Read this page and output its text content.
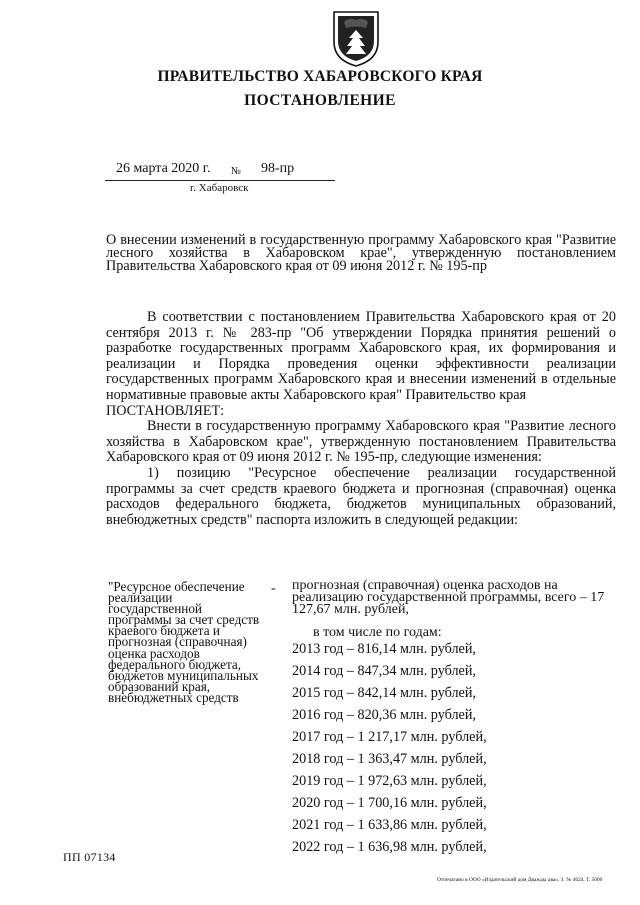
ПРАВИТЕЛЬСТВО ХАБАРОВСКОГО КРАЯ
ПОСТАНОВЛЕНИЕ
26 марта 2020 г. № 98-пр
г. Хабаровск
О внесении изменений в государственную программу Хабаровского края "Развитие лесного хозяйства в Хабаровском крае", утвержденную постановлением Правительства Хабаровского края от 09 июня 2012 г. № 195-пр

В соответствии с постановлением Правительства Хабаровского края от 20 сентября 2013 г. № 283-пр "Об утверждении Порядка принятия решений о разработке государственных программ Хабаровского края, их формирования и реализации и Порядка проведения оценки эффективности реализации государственных программ Хабаровского края и внесении изменений в отдельные нормативные правовые акты Хабаровского края" Правительство края

ПОСТАНОВЛЯЕТ:

Внести в государственную программу Хабаровского края "Развитие лесного хозяйства в Хабаровском крае", утвержденную постановлением Правительства Хабаровского края от 09 июня 2012 г. № 195-пр, следующие изменения:

1) позицию "Ресурсное обеспечение реализации государственной программы за счет средств краевого бюджета и прогнозная (справочная) оценка расходов федерального бюджета, бюджетов муниципальных образований, внебюджетных средств" паспорта изложить в следующей редакции:

"Ресурсное обеспечение реализации государственной программы за счет средств краевого бюджета и прогнозная (справочная) оценка расходов федерального бюджета, бюджетов муниципальных образований края, внебюджетных средств
- прогнозная (справочная) оценка расходов на реализацию государственной программы, всего – 17 127,67 млн. рублей,
в том числе по годам:
2013 год – 816,14 млн. рублей,
2014 год – 847,34 млн. рублей,
2015 год – 842,14 млн. рублей,
2016 год – 820,36 млн. рублей,
2017 год – 1 217,17 млн. рублей,
2018 год – 1 363,47 млн. рублей,
2019 год – 1 972,63 млн. рублей,
2020 год – 1 700,16 млн. рублей,
2021 год – 1 633,86 млн. рублей,
2022 год – 1 636,98 млн. рублей,
ПП 07134
Отпечатано в ООО «Издательский дом Дважды два». З. № 4624. Т. 5000
